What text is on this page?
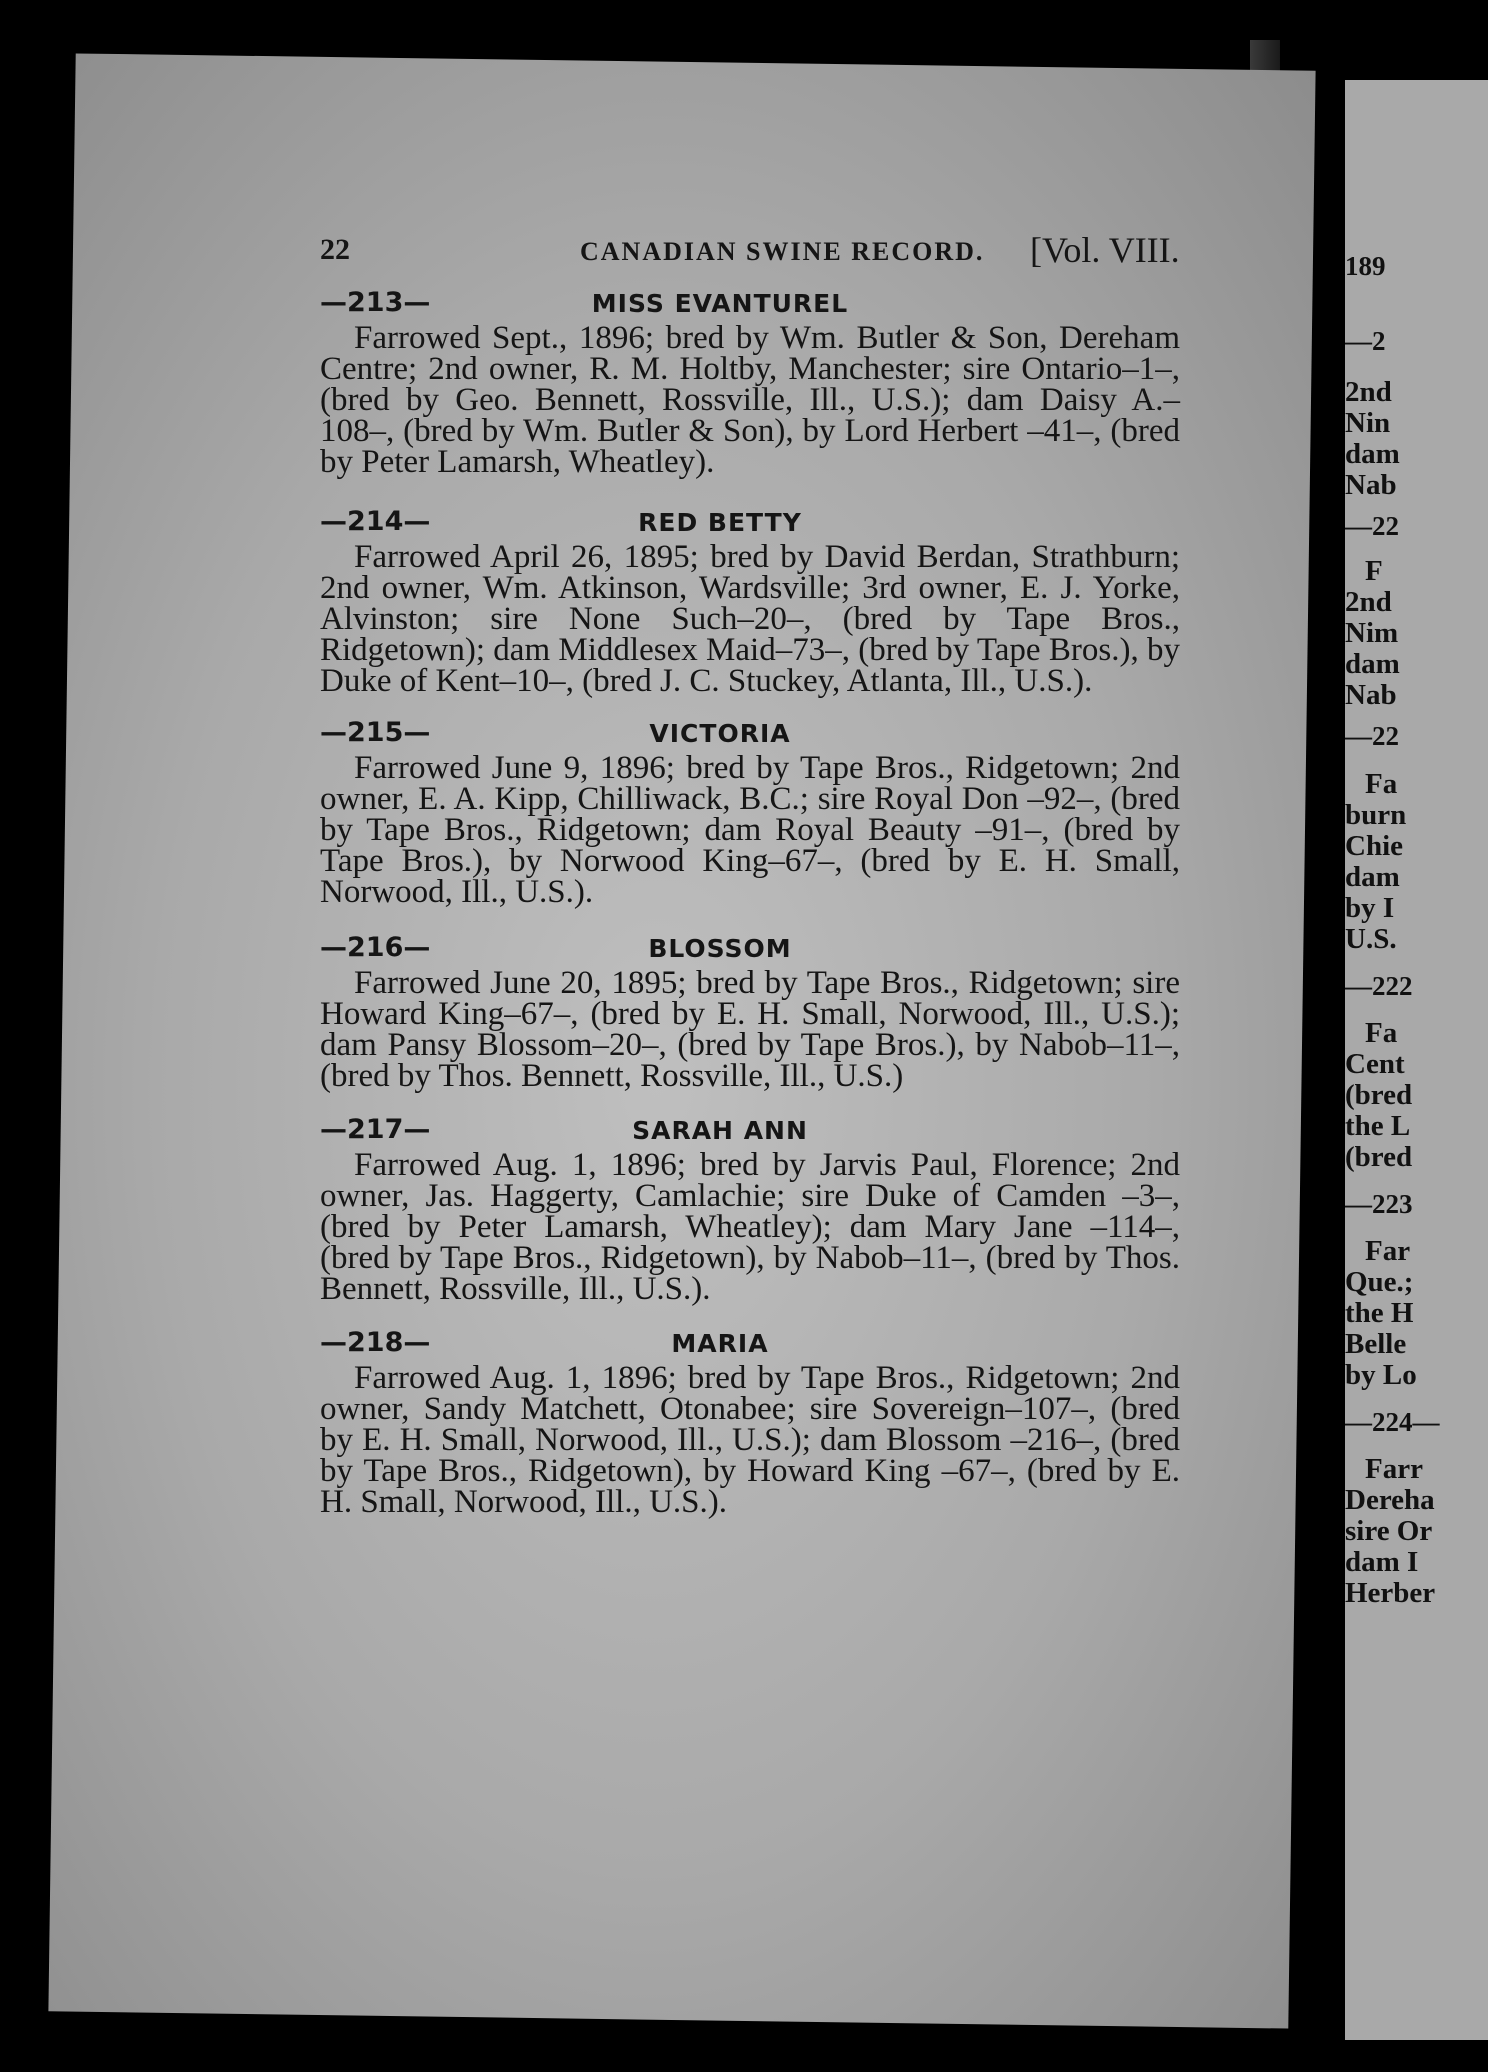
189
—2
2nd
Nin
dam
Nab
—22
F
2nd
Nim
dam
Nab
—22
Fa
burn
Chie
dam
by I
U.S.
—222
Fa
Cent
(bred
the L
(bred
—223
Far
Que.;
the H
Belle
by Lo
—224—
Farr
Dereha
sire Or
dam I
Herber
22	CANADIAN SWINE RECORD. [Vol. VIII.
—213—	MISS EVANTUREL
Farrowed Sept., 1896; bred by Wm. Butler & Son, Dereham Centre; 2nd owner, R. M. Holtby, Manchester; sire Ontario–1–, (bred by Geo. Bennett, Rossville, Ill., U.S.); dam Daisy A.–108–, (bred by Wm. Butler & Son), by Lord Herbert –41–, (bred by Peter Lamarsh, Wheatley).
—214—	RED BETTY
Farrowed April 26, 1895; bred by David Berdan, Strathburn; 2nd owner, Wm. Atkinson, Wardsville; 3rd owner, E. J. Yorke, Alvinston; sire None Such–20–, (bred by Tape Bros., Ridgetown); dam Middlesex Maid–73–, (bred by Tape Bros.), by Duke of Kent–10–, (bred J. C. Stuckey, Atlanta, Ill., U.S.).
—215—	VICTORIA
Farrowed June 9, 1896; bred by Tape Bros., Ridgetown; 2nd owner, E. A. Kipp, Chilliwack, B.C.; sire Royal Don –92–, (bred by Tape Bros., Ridgetown; dam Royal Beauty –91–, (bred by Tape Bros.), by Norwood King–67–, (bred by E. H. Small, Norwood, Ill., U.S.).
—216—	BLOSSOM
Farrowed June 20, 1895; bred by Tape Bros., Ridgetown; sire Howard King–67–, (bred by E. H. Small, Norwood, Ill., U.S.); dam Pansy Blossom–20–, (bred by Tape Bros.), by Nabob–11–, (bred by Thos. Bennett, Rossville, Ill., U.S.)
—217—	SARAH ANN
Farrowed Aug. 1, 1896; bred by Jarvis Paul, Florence; 2nd owner, Jas. Haggerty, Camlachie; sire Duke of Camden –3–, (bred by Peter Lamarsh, Wheatley); dam Mary Jane –114–, (bred by Tape Bros., Ridgetown), by Nabob–11–, (bred by Thos. Bennett, Rossville, Ill., U.S.).
—218—	MARIA
Farrowed Aug. 1, 1896; bred by Tape Bros., Ridgetown; 2nd owner, Sandy Matchett, Otonabee; sire Sovereign–107–, (bred by E. H. Small, Norwood, Ill., U.S.); dam Blossom –216–, (bred by Tape Bros., Ridgetown), by Howard King –67–, (bred by E. H. Small, Norwood, Ill., U.S.).
